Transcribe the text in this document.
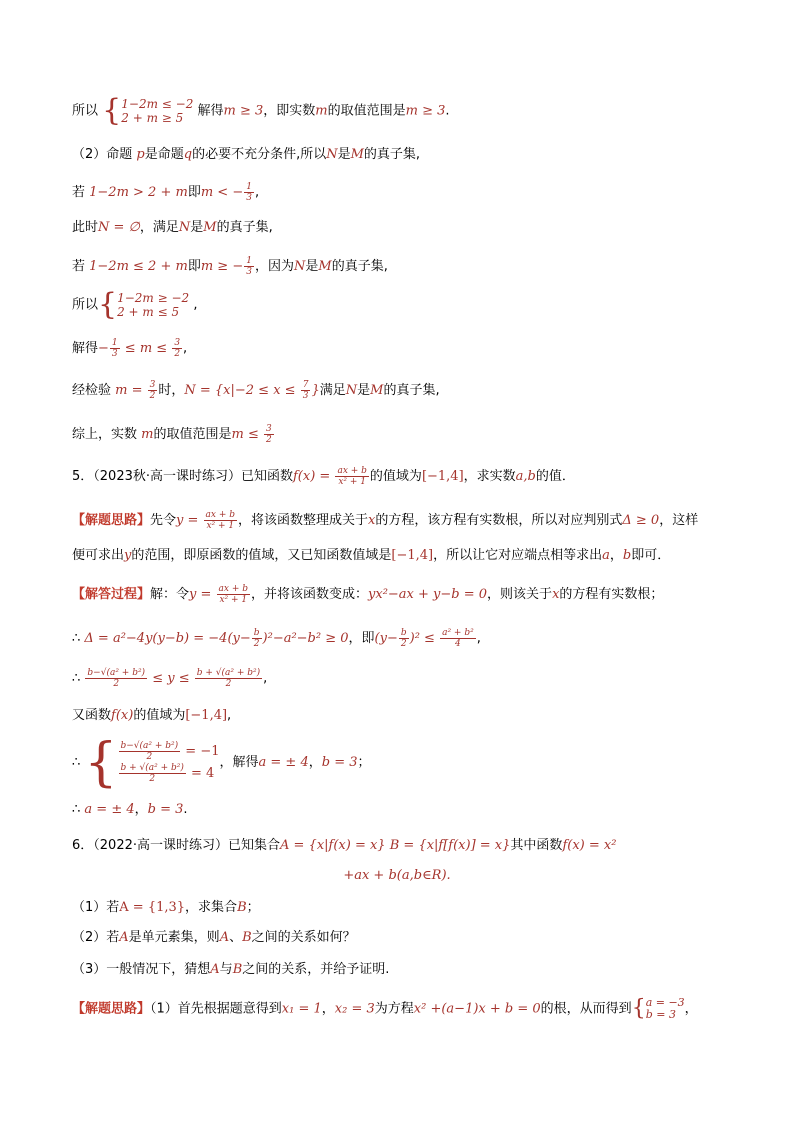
所以 { 1−2m ≤ −2
2 + m ≥ 5	解得m ≥ 3，即实数m的取值范围是m ≥ 3.
（2）命题 p是命题q的必要不充分条件,所以N是M的真子集,
若 1−2m > 2 + m即m < − $\frac{1}{3}$ ,
此时N = ∅，满足N是M的真子集,
若 1−2m ≤ 2 + m即m ≥ − $\frac{1}{3}$ ，因为N是M的真子集,
所以{ 1−2m ≥ −2
2 + m ≤ 5 ,
解得− $\frac{1}{3} \le m \le \frac{3}{2}$ ,
经检验 $m = \frac{3}{2}$ 时，$N = \{x|-2 \le x \le \frac{7}{3}$ }满足N是M的真子集,
综上，实数 m的取值范围是$m \le \frac{3}{2}$
5．（2023秋·高一课时练习）已知函数$f(x) = \frac{ax + b}{\text{x² + 1}}$ 的值域为[−1,4]，求实数a,b的值．
【解题思路】先令$y = \frac{ax + b}{\text{x² + 1}}$ ，将该函数整理成关于x的方程，该方程有实数根，所以对应判别式Δ ≥ 0，这样
便可求出y的范围，即原函数的值域，又已知函数值域是[−1,4]，所以让它对应端点相等求出a，b即可．
【解答过程】解：令$y = \frac{ax + b}{\text{x² + 1}}$ ，并将该函数变成：yx²−ax + y−b = 0，则该关于x的方程有实数根；
∴ $\Delta = a^2-4y(y-b) = -4(y- \frac{b}{2} )^2-a^2-b^2 \ge 0$，即$(y- \frac{b}{2} )^2 \le \frac{\text{a² + b²}}{4}$ ,
∴ $\frac{\text{b−√(a² + b²)}}{2} \le y \le \frac{\text{b + √(a² + b²)}}{2}$ ,
又函数f(x)的值域为[−1,4],
∴ { $\frac{\text{b−√(a² + b²)}}{2} = -1$
$\frac{\text{b + √(a² + b²)}}{2} = 4$
，解得a = ± 4，b = 3；
∴ a = ± 4，b = 3.
6．（2022·高一课时练习）已知集合A = {x|f(x) = x} B = {x|f[f(x)] = x}其中函数f(x) = x²
+ax + b(a,b∈R).
（1）若A = {1,3}，求集合B；
（2）若A是单元素集，则A、B之间的关系如何？
（3）一般情况下，猜想A与B之间的关系，并给予证明.
【解题思路】（1）首先根据题意得到x₁ = 1，x₂ = 3为方程x² +(a−1)x + b = 0的根，从而得到{ a = −3
b = 3 ，
